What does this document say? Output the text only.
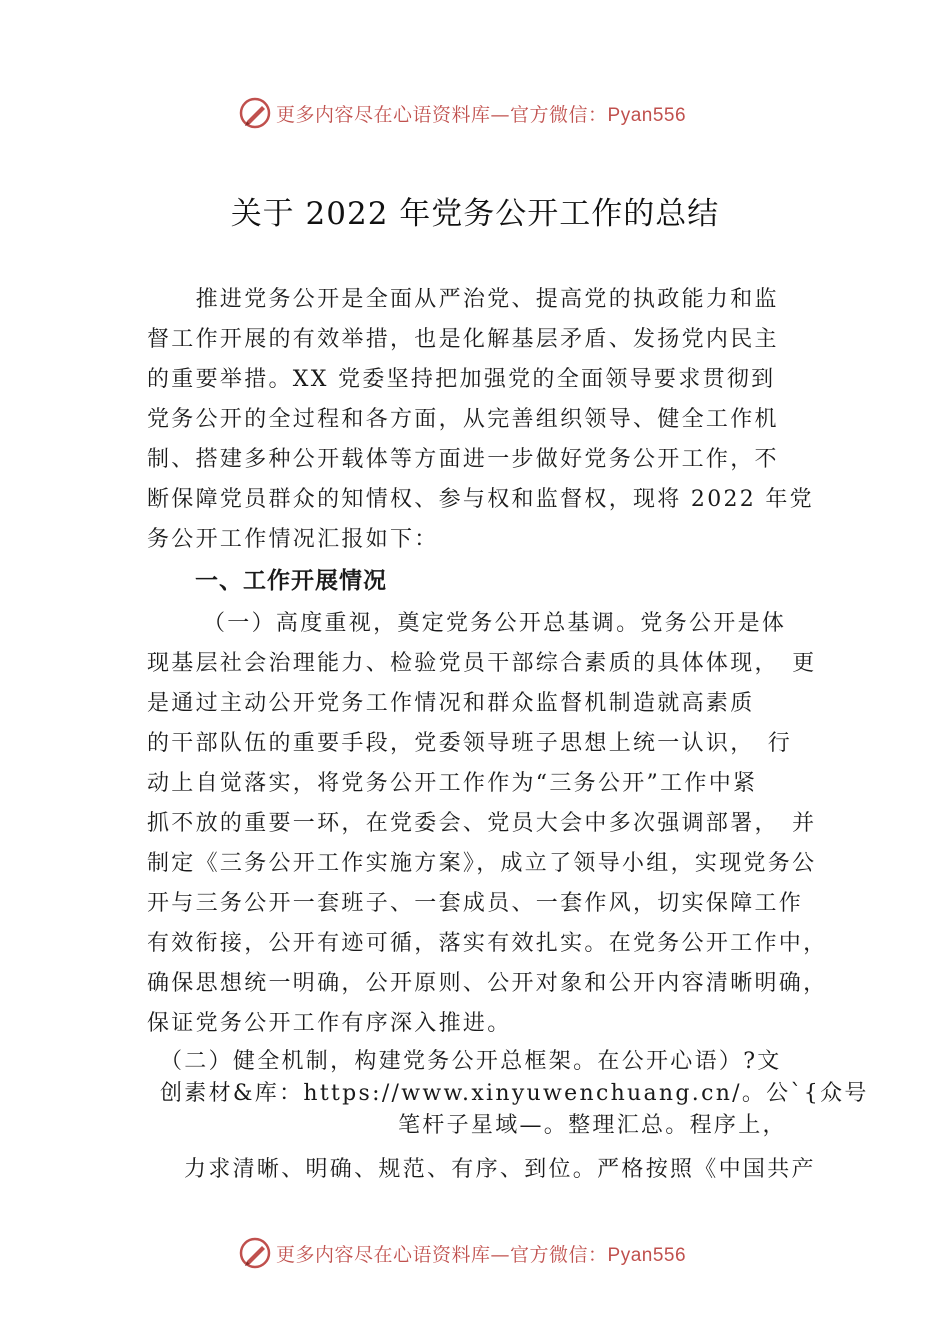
更多内容尽在心语资料库—官方微信：Pyan556
关于 2022 年党务公开工作的总结
　　推进党务公开是全面从严治党、提高党的执政能力和监
督工作开展的有效举措，也是化解基层矛盾、发扬党内民主
的重要举措。XX 党委坚持把加强党的全面领导要求贯彻到
党务公开的全过程和各方面，从完善组织领导、健全工作机
制、搭建多种公开载体等方面进一步做好党务公开工作，不
断保障党员群众的知情权、参与权和监督权，现将 2022 年党
务公开工作情况汇报如下：
一、工作开展情况
（一）高度重视，奠定党务公开总基调。党务公开是体
现基层社会治理能力、检验党员干部综合素质的具体体现，　更
是通过主动公开党务工作情况和群众监督机制造就高素质
的干部队伍的重要手段，党委领导班子思想上统一认识，　行
动上自觉落实，将党务公开工作作为“三务公开”工作中紧
抓不放的重要一环，在党委会、党员大会中多次强调部署，　并
制定《三务公开工作实施方案》，成立了领导小组，实现党务公
开与三务公开一套班子、一套成员、一套作风，切实保障工作
有效衔接，公开有迹可循，落实有效扎实。在党务公开工作中，
确保思想统一明确，公开原则、公开对象和公开内容清晰明确，
保证党务公开工作有序深入推进。
（二）健全机制，构建党务公开总框架。在公开心语）?文
创素材&库：https://www.xinyuwenchuang.cn/。公`{众号
笔杆子星域—。整理汇总。程序上，
力求清晰、明确、规范、有序、到位。严格按照《中国共产
更多内容尽在心语资料库—官方微信：Pyan556
